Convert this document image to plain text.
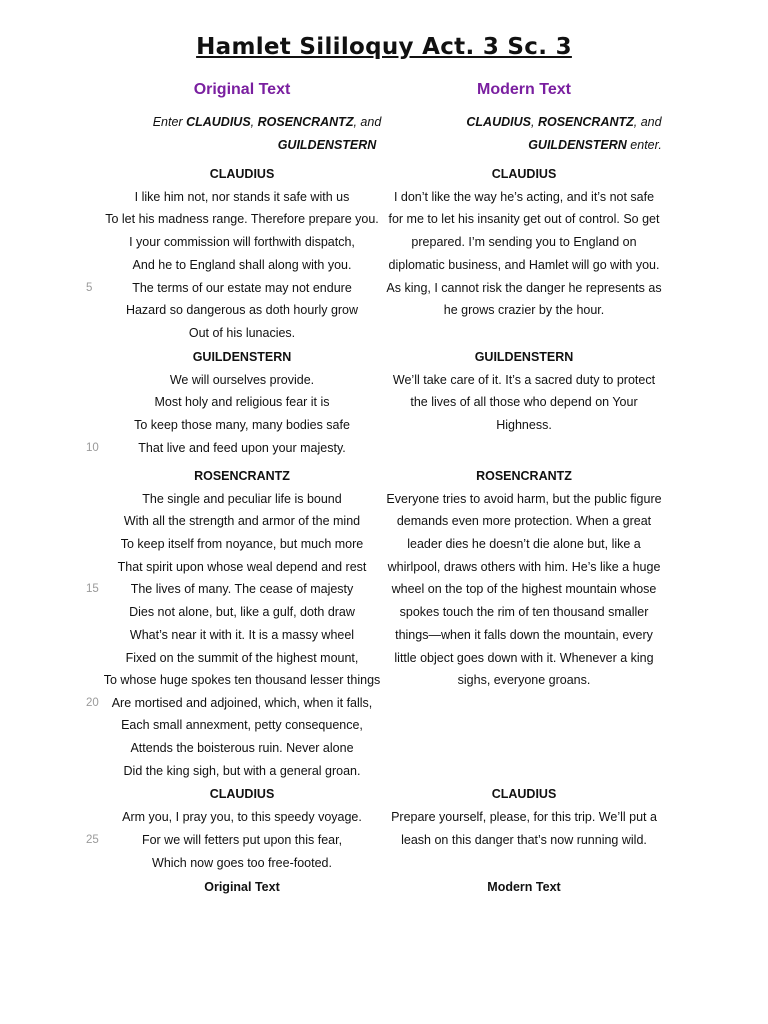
Hamlet Sililoquy Act. 3 Sc. 3
Original Text	Modern Text
Enter CLAUDIUS, ROSENCRANTZ, and
GUILDENSTERN
CLAUDIUS, ROSENCRANTZ, and
GUILDENSTERN enter.
CLAUDIUS
I like him not, nor stands it safe with us
To let his madness range. Therefore prepare you.
I your commission will forthwith dispatch,
And he to England shall along with you.
The terms of our estate may not endure
Hazard so dangerous as doth hourly grow
Out of his lunacies.
GUILDENSTERN
We will ourselves provide.
Most holy and religious fear it is
To keep those many, many bodies safe
That live and feed upon your majesty.
ROSENCRANTZ
The single and peculiar life is bound
With all the strength and armor of the mind
To keep itself from noyance, but much more
That spirit upon whose weal depend and rest
The lives of many. The cease of majesty
Dies not alone, but, like a gulf, doth draw
What’s near it with it. It is a massy wheel
Fixed on the summit of the highest mount,
To whose huge spokes ten thousand lesser things
Are mortised and adjoined, which, when it falls,
Each small annexment, petty consequence,
Attends the boisterous ruin. Never alone
Did the king sigh, but with a general groan.
CLAUDIUS
Arm you, I pray you, to this speedy voyage.
For we will fetters put upon this fear,
Which now goes too free-footed.
Original Text
CLAUDIUS
I don’t like the way he’s acting, and it’s not safe
for me to let his insanity get out of control. So get
prepared. I’m sending you to England on
diplomatic business, and Hamlet will go with you.
As king, I cannot risk the danger he represents as
he grows crazier by the hour.
GUILDENSTERN
We’ll take care of it. It’s a sacred duty to protect
the lives of all those who depend on Your
Highness.
ROSENCRANTZ
Everyone tries to avoid harm, but the public figure
demands even more protection. When a great
leader dies he doesn’t die alone but, like a
whirlpool, draws others with him. He’s like a huge
wheel on the top of the highest mountain whose
spokes touch the rim of ten thousand smaller
things—when it falls down the mountain, every
little object goes down with it. Whenever a king
sighs, everyone groans.
CLAUDIUS
Prepare yourself, please, for this trip. We’ll put a
leash on this danger that’s now running wild.
Modern Text
5
10
15
20
25
